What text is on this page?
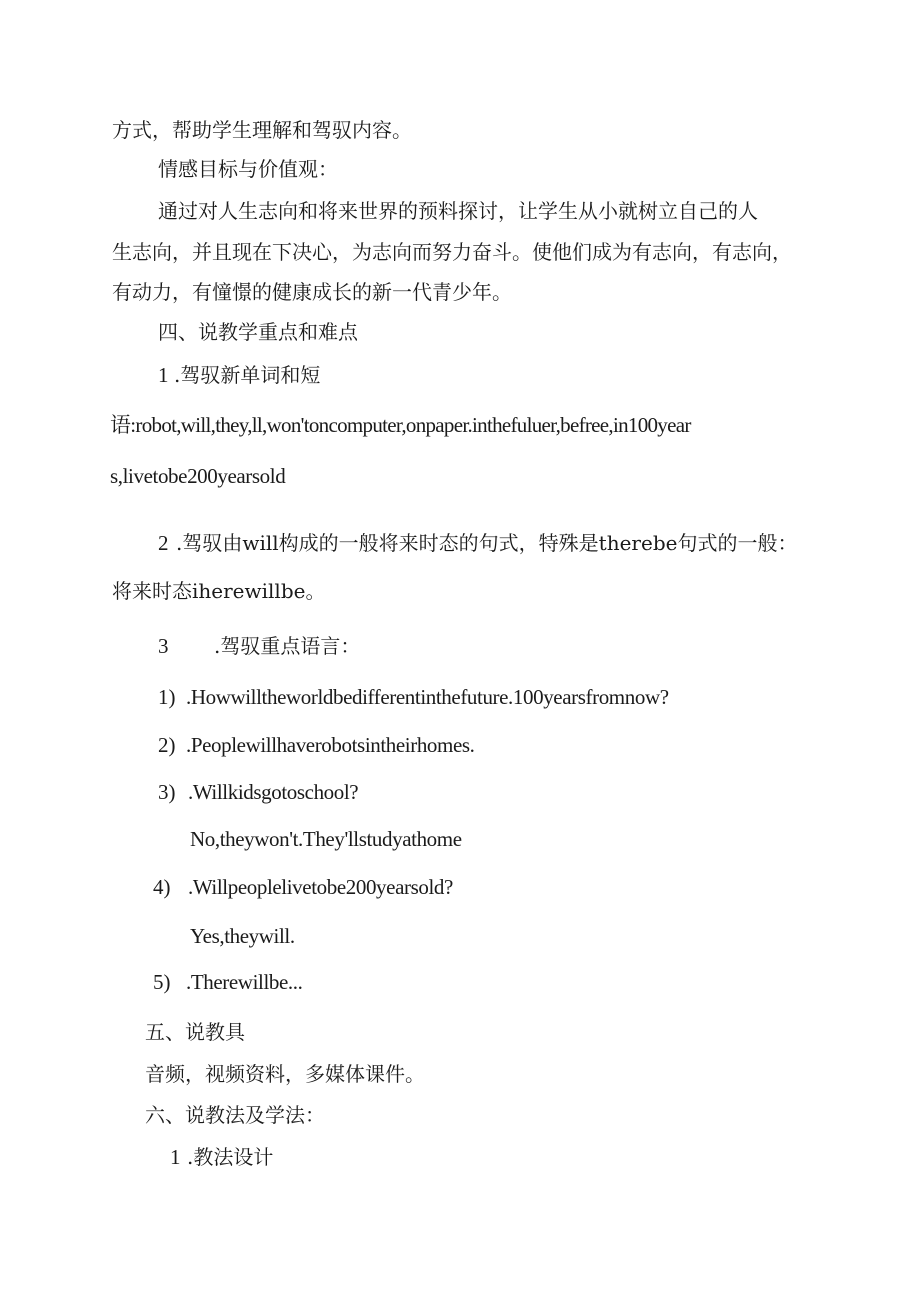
方式，帮助学生理解和驾驭内容。
情感目标与价值观：
通过对人生志向和将来世界的预料探讨，让学生从小就树立自己的人
生志向，并且现在下决心，为志向而努力奋斗。使他们成为有志向，有志向，
有动力，有憧憬的健康成长的新一代青少年。
四、说教学重点和难点
1 .驾驭新单词和短
语:robot,will,they,ll,won'toncomputer,onpaper.inthefuluer,befree,in100year
s,livetobe200yearsold
2 .驾驭由will构成的一般将来时态的句式，特殊是therebe句式的一般：
将来时态iherewillbe。
3 .驾驭重点语言：
1) .Howwilltheworldbedifferentinthefuture.100yearsfromnow?
2) .Peoplewillhaverobotsintheirhomes.
3) .Willkidsgotoschool?
No,theywon't.They'llstudyathome
4) .Willpeoplelivetobe200yearsold?
Yes,theywill.
5) .Therewillbe...
五、说教具
音频，视频资料，多媒体课件。
六、说教法及学法：
1 .教法设计
